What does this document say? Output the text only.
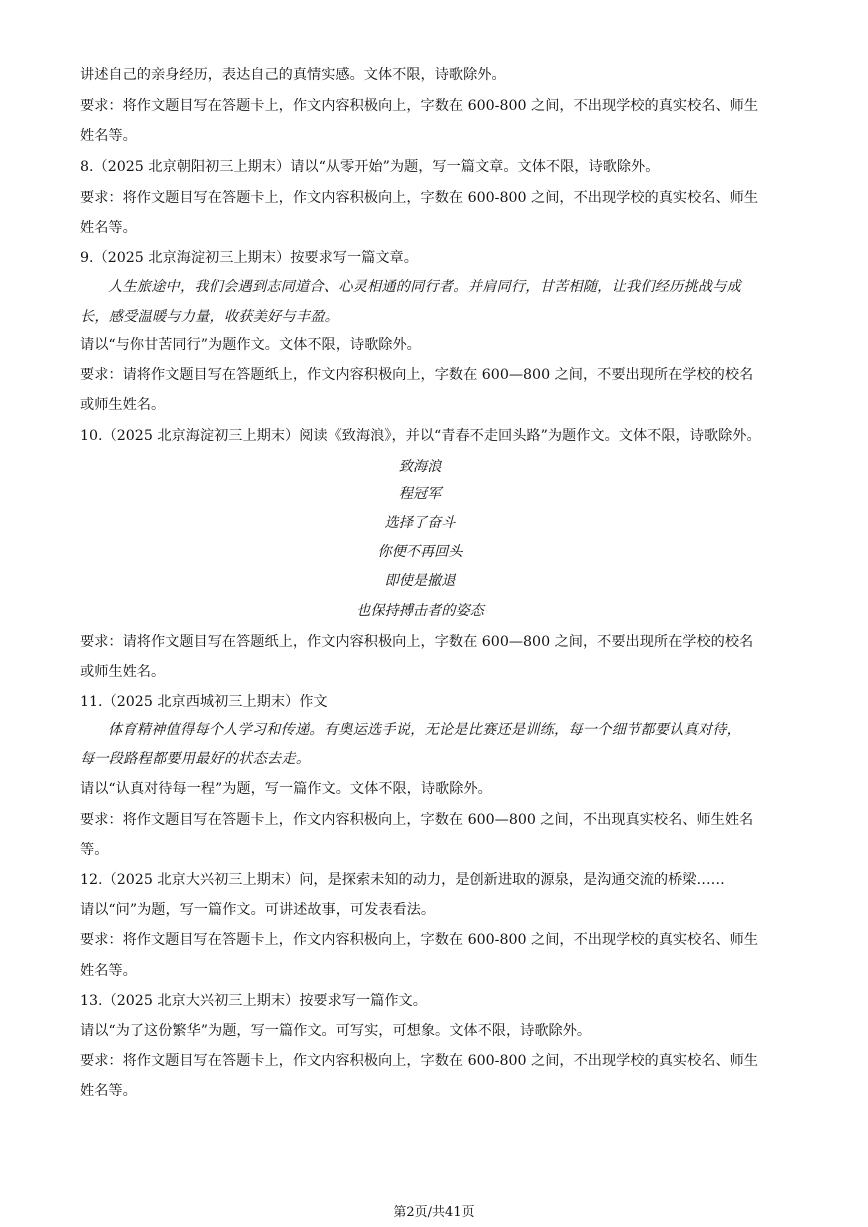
讲述自己的亲身经历，表达自己的真情实感。文体不限，诗歌除外。
要求：将作文题目写在答题卡上，作文内容积极向上，字数在 600-800 之间，不出现学校的真实校名、师生
姓名等。
8.（2025 北京朝阳初三上期末）请以“从零开始”为题，写一篇文章。文体不限，诗歌除外。
要求：将作文题目写在答题卡上，作文内容积极向上，字数在 600-800 之间，不出现学校的真实校名、师生
姓名等。
9.（2025 北京海淀初三上期末）按要求写一篇文章。
人生旅途中，我们会遇到志同道合、心灵相通的同行者。并肩同行，甘苦相随，让我们经历挑战与成
长，感受温暖与力量，收获美好与丰盈。
请以“与你甘苦同行”为题作文。文体不限，诗歌除外。
要求：请将作文题目写在答题纸上，作文内容积极向上，字数在 600—800 之间，不要出现所在学校的校名
或师生姓名。
10.（2025 北京海淀初三上期末）阅读《致海浪》，并以“青春不走回头路”为题作文。文体不限，诗歌除外。
致海浪
程冠军
选择了奋斗
你便不再回头
即使是撤退
也保持搏击者的姿态
要求：请将作文题目写在答题纸上，作文内容积极向上，字数在 600—800 之间，不要出现所在学校的校名
或师生姓名。
11.（2025 北京西城初三上期末）作文
体育精神值得每个人学习和传递。有奥运选手说，无论是比赛还是训练，每一个细节都要认真对待，
每一段路程都要用最好的状态去走。
请以“认真对待每一程”为题，写一篇作文。文体不限，诗歌除外。
要求：将作文题目写在答题卡上，作文内容积极向上，字数在 600—800 之间，不出现真实校名、师生姓名
等。
12.（2025 北京大兴初三上期末）问，是探索未知的动力，是创新进取的源泉，是沟通交流的桥梁……
请以“问”为题，写一篇作文。可讲述故事，可发表看法。
要求：将作文题目写在答题卡上，作文内容积极向上，字数在 600-800 之间，不出现学校的真实校名、师生
姓名等。
13.（2025 北京大兴初三上期末）按要求写一篇作文。
请以“为了这份繁华”为题，写一篇作文。可写实，可想象。文体不限，诗歌除外。
要求：将作文题目写在答题卡上，作文内容积极向上，字数在 600-800 之间，不出现学校的真实校名、师生
姓名等。
第2页/共41页
